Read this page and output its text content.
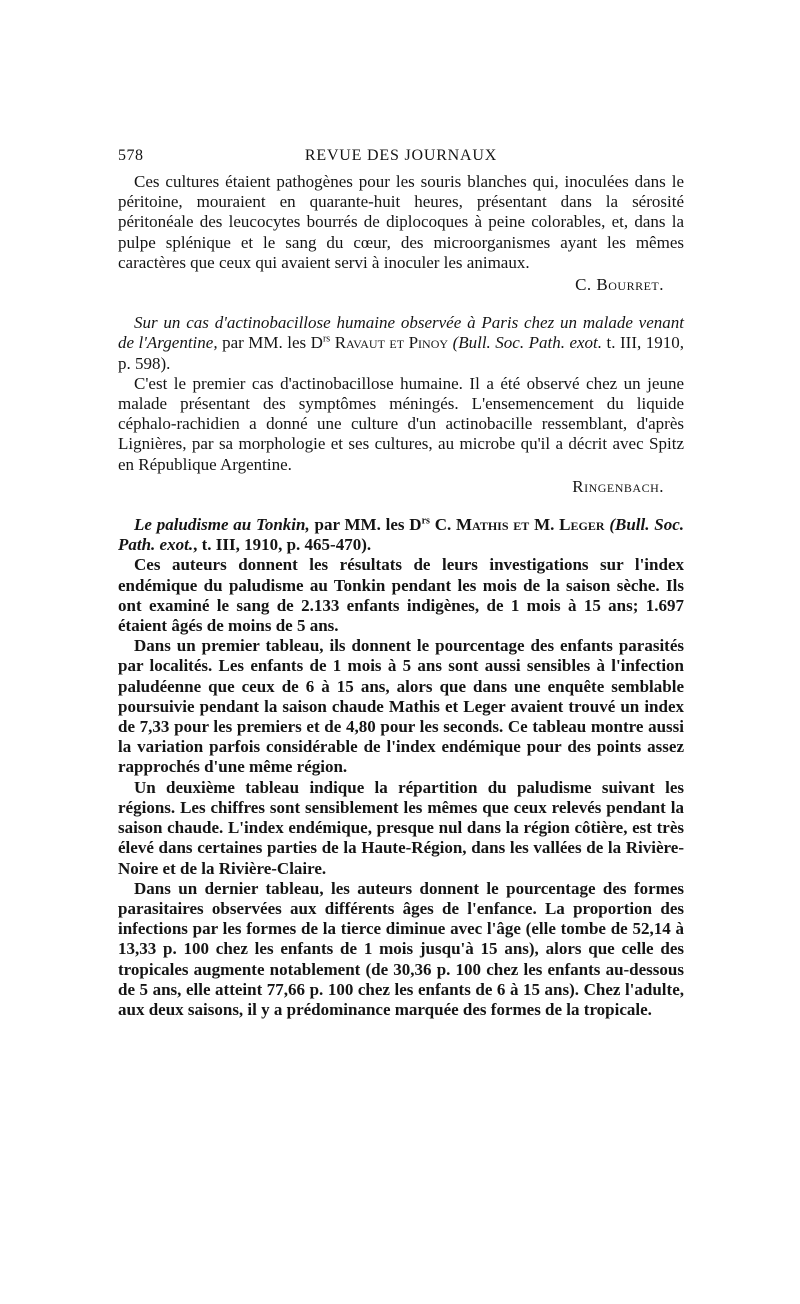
578	REVUE DES JOURNAUX

Ces cultures étaient pathogènes pour les souris blanches qui, inoculées dans le péritoine, mouraient en quarante-huit heures, présentant dans la sérosité péritonéale des leucocytes bourrés de diplocoques à peine colorables, et, dans la pulpe splénique et le sang du cœur, des microorganismes ayant les mêmes caractères que ceux qui avaient servi à inoculer les animaux.

C. Bourret.

Sur un cas d'actinobacillose humaine observée à Paris chez un malade venant de l'Argentine, par MM. les $D^{rs}$ Ravaut et Pinoy (Bull. Soc. Path. exot. t. III, 1910, p. 598).

C'est le premier cas d'actinobacillose humaine. Il a été observé chez un jeune malade présentant des symptômes méningés. L'ensemencement du liquide céphalo-rachidien a donné une culture d'un actinobacille ressemblant, d'après Lignières, par sa morphologie et ses cultures, au microbe qu'il a décrit avec Spitz en République Argentine.

Ringenbach.

Le paludisme au Tonkin, par MM. les $D^{rs}$ C. Mathis et M. Leger (Bull. Soc. Path. exot., t. III, 1910, p. 465-470).

Ces auteurs donnent les résultats de leurs investigations sur l'index endémique du paludisme au Tonkin pendant les mois de la saison sèche. Ils ont examiné le sang de 2.133 enfants indigènes, de 1 mois à 15 ans; 1.697 étaient âgés de moins de 5 ans.

Dans un premier tableau, ils donnent le pourcentage des enfants parasités par localités. Les enfants de 1 mois à 5 ans sont aussi sensibles à l'infection paludéenne que ceux de 6 à 15 ans, alors que dans une enquête semblable poursuivie pendant la saison chaude Mathis et Leger avaient trouvé un index de 7,33 pour les premiers et de 4,80 pour les seconds. Ce tableau montre aussi la variation parfois considérable de l'index endémique pour des points assez rapprochés d'une même région.

Un deuxième tableau indique la répartition du paludisme suivant les régions. Les chiffres sont sensiblement les mêmes que ceux relevés pendant la saison chaude. L'index endémique, presque nul dans la région côtière, est très élevé dans certaines parties de la Haute-Région, dans les vallées de la Rivière-Noire et de la Rivière-Claire.

Dans un dernier tableau, les auteurs donnent le pourcentage des formes parasitaires observées aux différents âges de l'enfance. La proportion des infections par les formes de la tierce diminue avec l'âge (elle tombe de 52,14 à 13,33 p. 100 chez les enfants de 1 mois jusqu'à 15 ans), alors que celle des tropicales augmente notablement (de 30,36 p. 100 chez les enfants au-dessous de 5 ans, elle atteint 77,66 p. 100 chez les enfants de 6 à 15 ans). Chez l'adulte, aux deux saisons, il y a prédominance marquée des formes de la tropicale.
